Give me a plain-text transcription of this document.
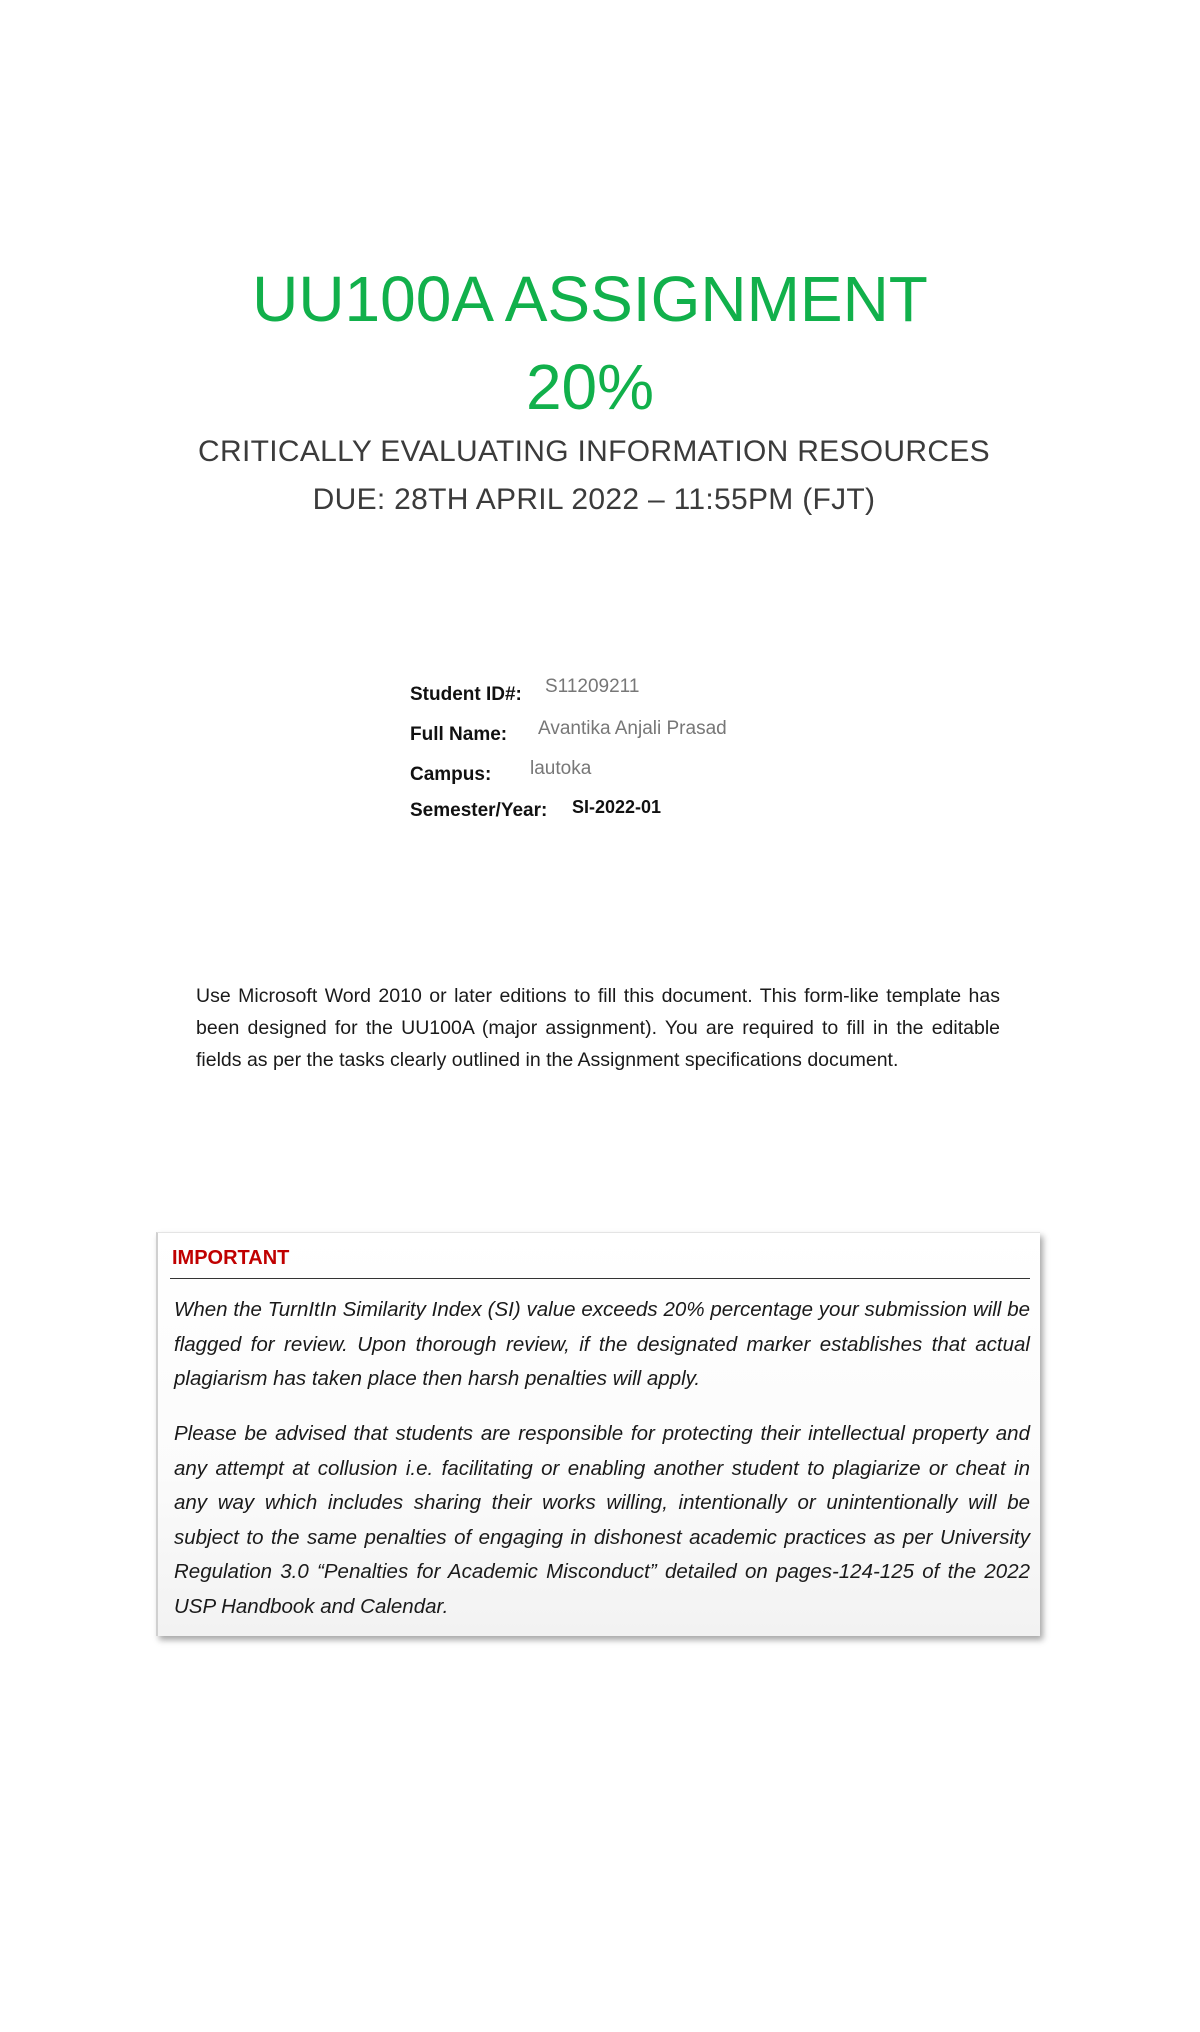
UU100A ASSIGNMENT
20%

CRITICALLY EVALUATING INFORMATION RESOURCES

DUE: 28TH APRIL 2022 – 11:55PM (FJT)

Student ID#: S11209211
Full Name: Avantika Anjali Prasad
Campus: lautoka
Semester/Year: SI-2022-01

Use Microsoft Word 2010 or later editions to fill this document. This form-like template has been designed for the UU100A (major assignment). You are required to fill in the editable fields as per the tasks clearly outlined in the Assignment specifications document.

IMPORTANT

When the TurnItIn Similarity Index (SI) value exceeds 20% percentage your submission will be flagged for review. Upon thorough review, if the designated marker establishes that actual plagiarism has taken place then harsh penalties will apply.

Please be advised that students are responsible for protecting their intellectual property and any attempt at collusion i.e. facilitating or enabling another student to plagiarize or cheat in any way which includes sharing their works willing, intentionally or unintentionally will be subject to the same penalties of engaging in dishonest academic practices as per University Regulation 3.0 “Penalties for Academic Misconduct” detailed on pages-124-125 of the 2022 USP Handbook and Calendar.
